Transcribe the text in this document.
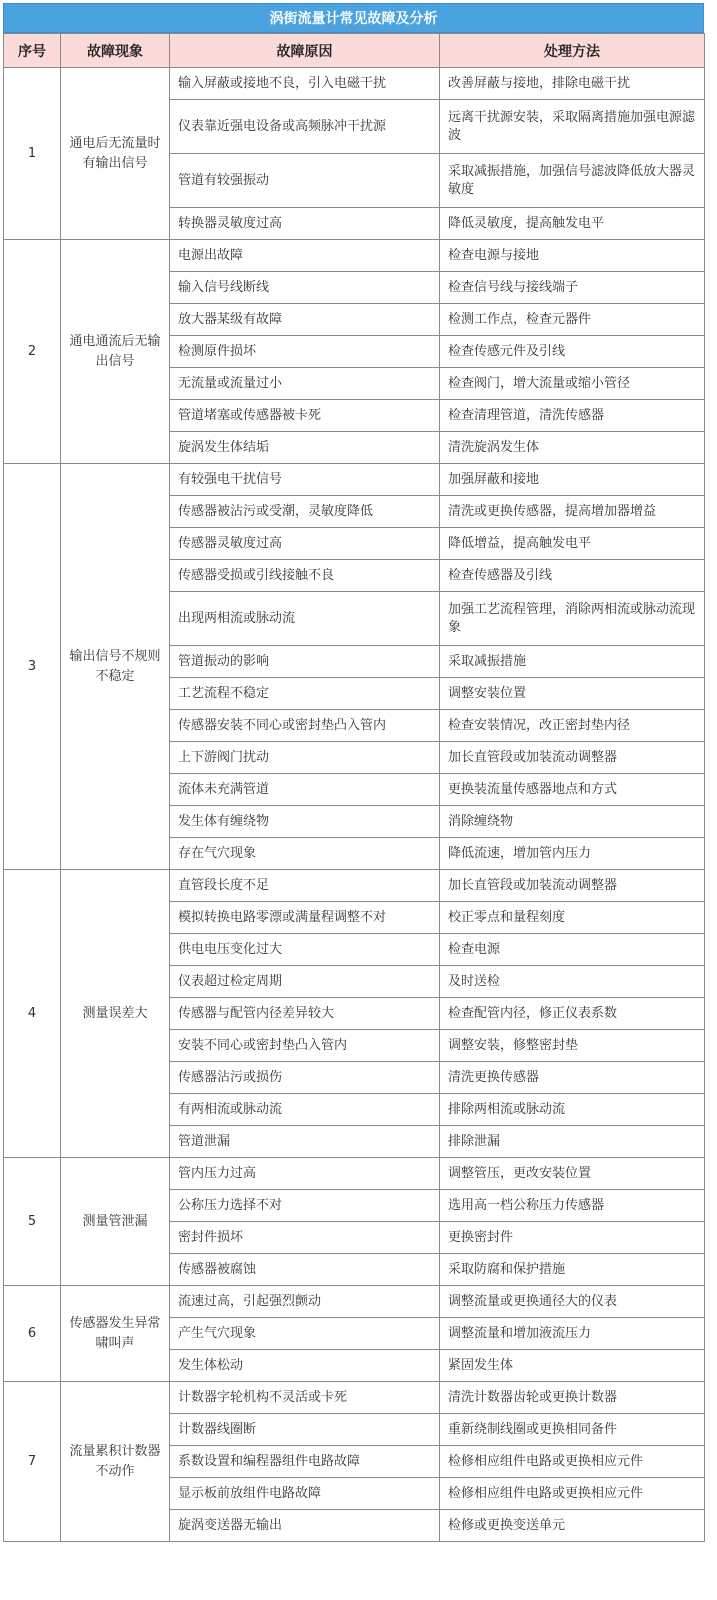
涡街流量计常见故障及分析
序号	故障现象	故障原因	处理方法
1	通电后无流量时有输出信号	输入屏蔽或接地不良，引入电磁干扰	改善屏蔽与接地，排除电磁干扰
		仪表靠近强电设备或高频脉冲干扰源	远离干扰源安装，采取隔离措施加强电源滤波
		管道有较强振动	采取减振措施，加强信号滤波降低放大器灵敏度
		转换器灵敏度过高	降低灵敏度，提高触发电平
2	通电通流后无输出信号	电源出故障	检查电源与接地
		输入信号线断线	检查信号线与接线端子
		放大器某级有故障	检测工作点，检查元器件
		检测原件损坏	检查传感元件及引线
		无流量或流量过小	检查阀门，增大流量或缩小管径
		管道堵塞或传感器被卡死	检查清理管道，清洗传感器
		旋涡发生体结垢	清洗旋涡发生体
3	输出信号不规则不稳定	有较强电干扰信号	加强屏蔽和接地
		传感器被沾污或受潮，灵敏度降低	清洗或更换传感器，提高增加器增益
		传感器灵敏度过高	降低增益，提高触发电平
		传感器受损或引线接触不良	检查传感器及引线
		出现两相流或脉动流	加强工艺流程管理，消除两相流或脉动流现象
		管道振动的影响	采取减振措施
		工艺流程不稳定	调整安装位置
		传感器安装不同心或密封垫凸入管内	检查安装情况，改正密封垫内径
		上下游阀门扰动	加长直管段或加装流动调整器
		流体未充满管道	更换装流量传感器地点和方式
		发生体有缠绕物	消除缠绕物
		存在气穴现象	降低流速，增加管内压力
4	测量误差大	直管段长度不足	加长直管段或加装流动调整器
		模拟转换电路零漂或满量程调整不对	校正零点和量程刻度
		供电电压变化过大	检查电源
		仪表超过检定周期	及时送检
		传感器与配管内径差异较大	检查配管内径，修正仪表系数
		安装不同心或密封垫凸入管内	调整安装，修整密封垫
		传感器沾污或损伤	清洗更换传感器
		有两相流或脉动流	排除两相流或脉动流
		管道泄漏	排除泄漏
5	测量管泄漏	管内压力过高	调整管压，更改安装位置
		公称压力选择不对	选用高一档公称压力传感器
		密封件损坏	更换密封件
		传感器被腐蚀	采取防腐和保护措施
6	传感器发生异常啸叫声	流速过高，引起强烈颤动	调整流量或更换通径大的仪表
		产生气穴现象	调整流量和增加液流压力
		发生体松动	紧固发生体
7	流量累积计数器不动作	计数器字轮机构不灵活或卡死	清洗计数器齿轮或更换计数器
		计数器线圈断	重新绕制线圈或更换相同备件
		系数设置和编程器组件电路故障	检修相应组件电路或更换相应元件
		显示板前放组件电路故障	检修相应组件电路或更换相应元件
		旋涡变送器无输出	检修或更换变送单元
